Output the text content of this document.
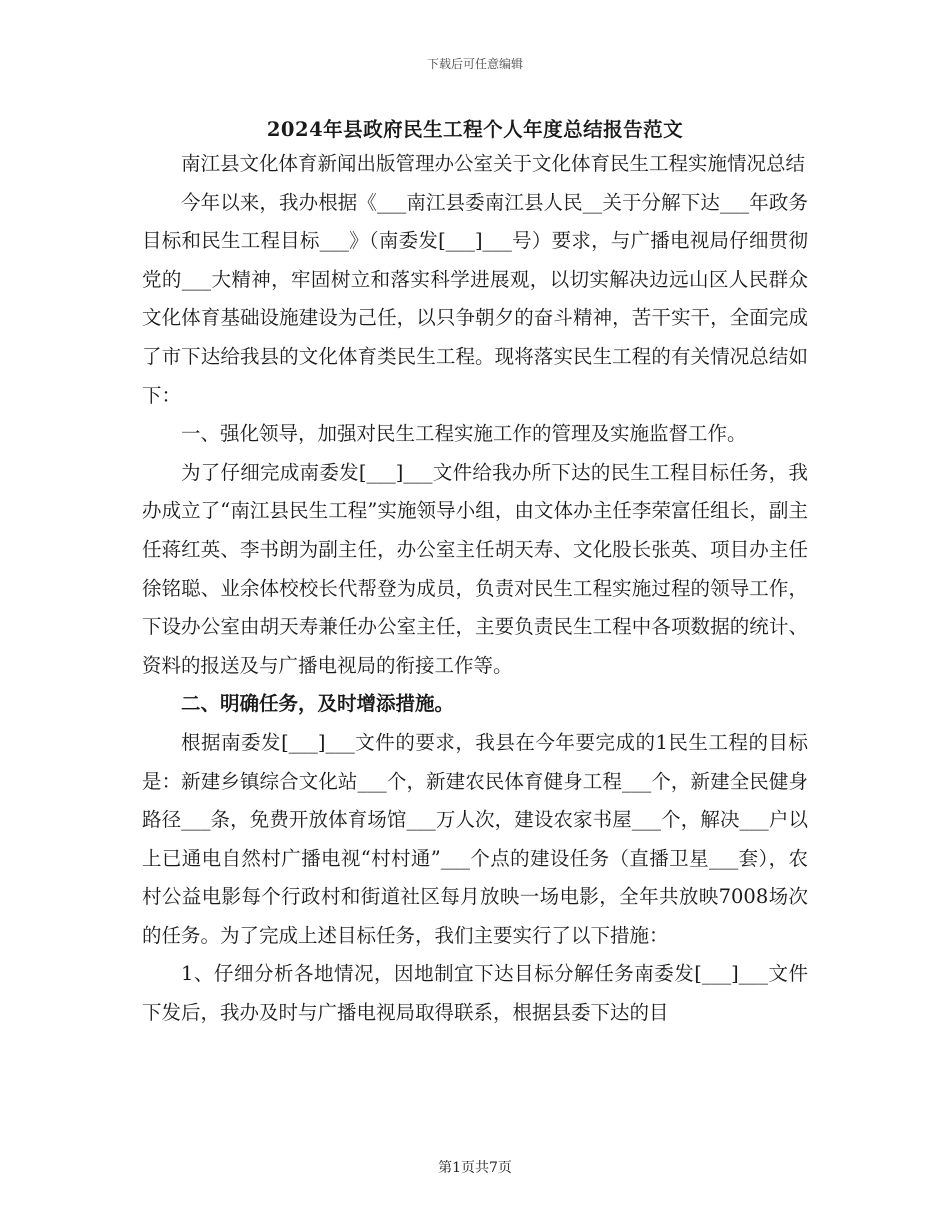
下载后可任意编辑
2024年县政府民生工程个人年度总结报告范文

南江县文化体育新闻出版管理办公室关于文化体育民生工程实施情况总结

今年以来，我办根据《___南江县委南江县人民__关于分解下达___年政务目标和民生工程目标___》（南委发[___]___号）要求，与广播电视局仔细贯彻党的___大精神，牢固树立和落实科学进展观，以切实解决边远山区人民群众文化体育基础设施建设为己任，以只争朝夕的奋斗精神，苦干实干，全面完成了市下达给我县的文化体育类民生工程。现将落实民生工程的有关情况总结如下：

一、强化领导，加强对民生工程实施工作的管理及实施监督工作。

为了仔细完成南委发[___]___文件给我办所下达的民生工程目标任务，我办成立了“南江县民生工程”实施领导小组，由文体办主任李荣富任组长，副主任蒋红英、李书朗为副主任，办公室主任胡天寿、文化股长张英、项目办主任徐铭聪、业余体校校长代帮登为成员，负责对民生工程实施过程的领导工作，下设办公室由胡天寿兼任办公室主任，主要负责民生工程中各项数据的统计、资料的报送及与广播电视局的衔接工作等。

二、明确任务，及时增添措施。

根据南委发[___]___文件的要求，我县在今年要完成的1民生工程的目标是：新建乡镇综合文化站___个，新建农民体育健身工程___个，新建全民健身路径___条，免费开放体育场馆___万人次，建设农家书屋___个，解决___户以上已通电自然村广播电视“村村通”___个点的建设任务（直播卫星___套），农村公益电影每个行政村和街道社区每月放映一场电影，全年共放映7008场次的任务。为了完成上述目标任务，我们主要实行了以下措施：

1、仔细分析各地情况，因地制宜下达目标分解任务南委发[___]___文件下发后，我办及时与广播电视局取得联系，根据县委下达的目

第1页共7页
